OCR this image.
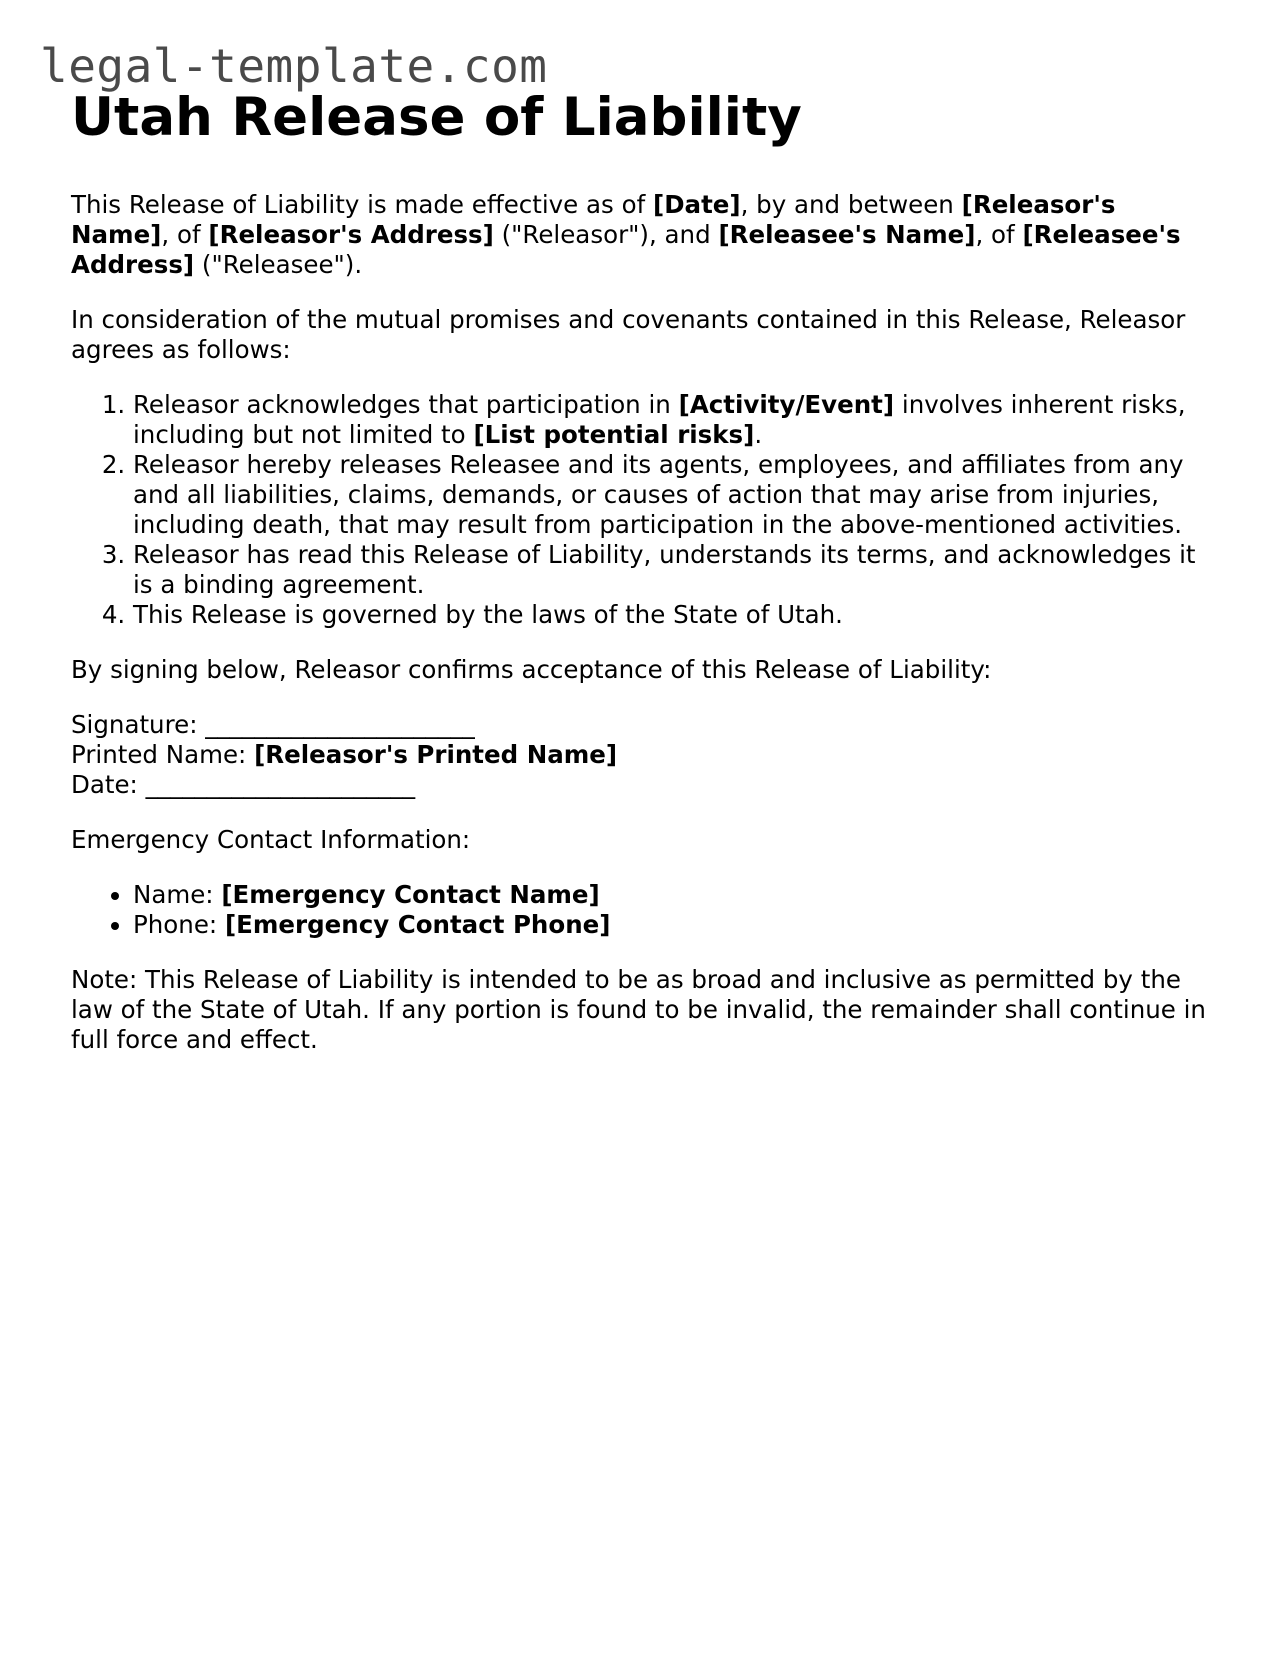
legal-template.com
Utah Release of Liability

This Release of Liability is made effective as of [Date], by and between [Releasor's Name], of [Releasor's Address] ("Releasor"), and [Releasee's Name], of [Releasee's Address] ("Releasee").

In consideration of the mutual promises and covenants contained in this Release, Releasor agrees as follows:

1. Releasor acknowledges that participation in [Activity/Event] involves inherent risks, including but not limited to [List potential risks].
2. Releasor hereby releases Releasee and its agents, employees, and affiliates from any and all liabilities, claims, demands, or causes of action that may arise from injuries, including death, that may result from participation in the above-mentioned activities.
3. Releasor has read this Release of Liability, understands its terms, and acknowledges it is a binding agreement.
4. This Release is governed by the laws of the State of Utah.

By signing below, Releasor confirms acceptance of this Release of Liability:

Signature: ______________________
Printed Name: [Releasor's Printed Name]
Date: ______________________

Emergency Contact Information:

• Name: [Emergency Contact Name]
• Phone: [Emergency Contact Phone]

Note: This Release of Liability is intended to be as broad and inclusive as permitted by the law of the State of Utah. If any portion is found to be invalid, the remainder shall continue in full force and effect.
